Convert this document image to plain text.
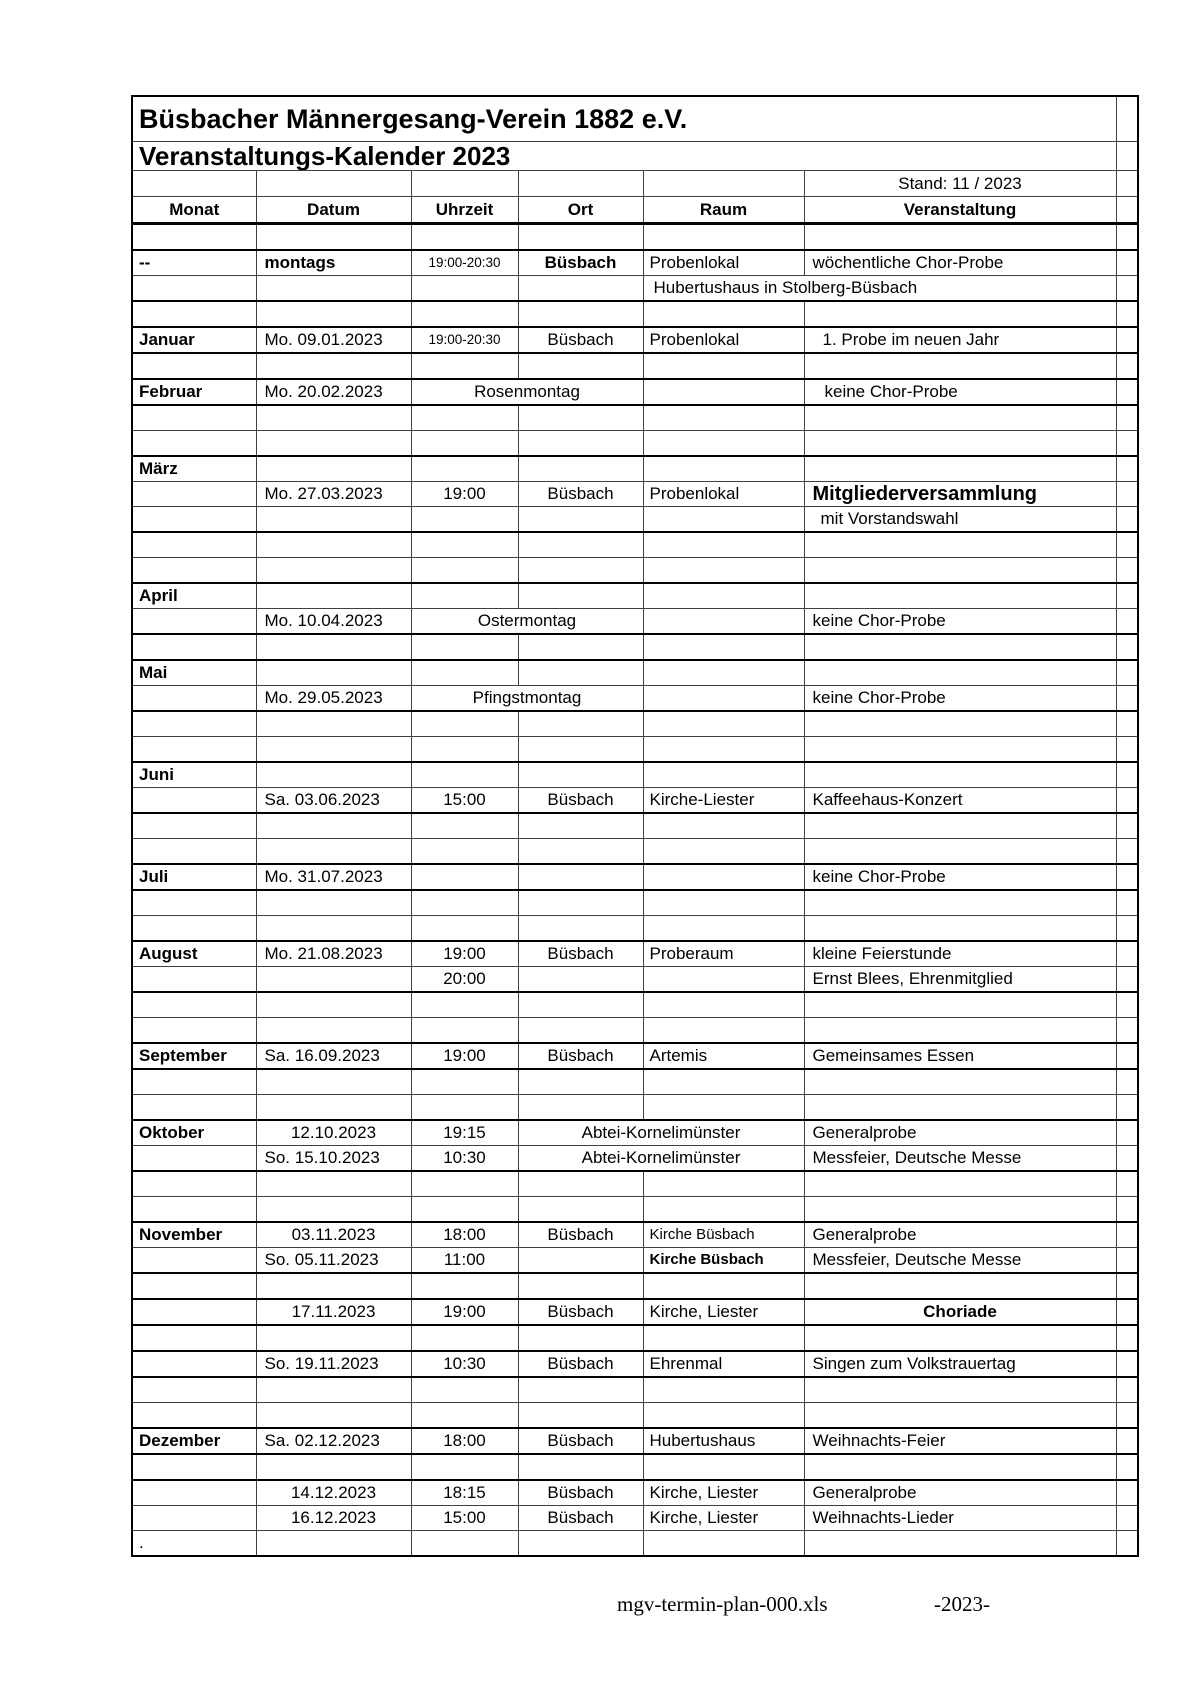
Büsbacher Männergesang-Verein 1882 e.V.						
Veranstaltungs-Kalender 2023						
					Stand: 11 / 2023	
Monat	Datum	Uhrzeit	Ort	Raum	Veranstaltung	

--	montags	19:00-20:30	Büsbach	Probenlokal	wöchentliche Chor-Probe	
				Hubertushaus in Stolberg-Büsbach		

Januar	Mo. 09.01.2023	19:00-20:30	Büsbach	Probenlokal	1. Probe im neuen Jahr	

Februar	Mo. 20.02.2023	Rosenmontag			keine Chor-Probe	

März						
	Mo. 27.03.2023	19:00	Büsbach	Probenlokal	Mitgliederversammlung	
					mit Vorstandswahl	

April						
	Mo. 10.04.2023	Ostermontag			keine Chor-Probe	

Mai						
	Mo. 29.05.2023	Pfingstmontag			keine Chor-Probe	

Juni						
	Sa. 03.06.2023	15:00	Büsbach	Kirche-Liester	Kaffeehaus-Konzert	

Juli	Mo. 31.07.2023				keine Chor-Probe	

August	Mo. 21.08.2023	19:00	Büsbach	Proberaum	kleine Feierstunde	
		20:00			Ernst Blees, Ehrenmitglied	

September	Sa. 16.09.2023	19:00	Büsbach	Artemis	Gemeinsames Essen	

Oktober	12.10.2023	19:15	Abtei-Kornelimünster		Generalprobe	
	So. 15.10.2023	10:30	Abtei-Kornelimünster		Messfeier, Deutsche Messe	

November	03.11.2023	18:00	Büsbach	Kirche Büsbach	Generalprobe	
	So. 05.11.2023	11:00		Kirche Büsbach	Messfeier, Deutsche Messe	

	17.11.2023	19:00	Büsbach	Kirche, Liester	Choriade	

	So. 19.11.2023	10:30	Büsbach	Ehrenmal	Singen zum Volkstrauertag	

Dezember	Sa. 02.12.2023	18:00	Büsbach	Hubertushaus	Weihnachts-Feier	

	14.12.2023	18:15	Büsbach	Kirche, Liester	Generalprobe	
	16.12.2023	15:00	Büsbach	Kirche, Liester	Weihnachts-Lieder	
.						
mgv-termin-plan-000.xls	-2023-
